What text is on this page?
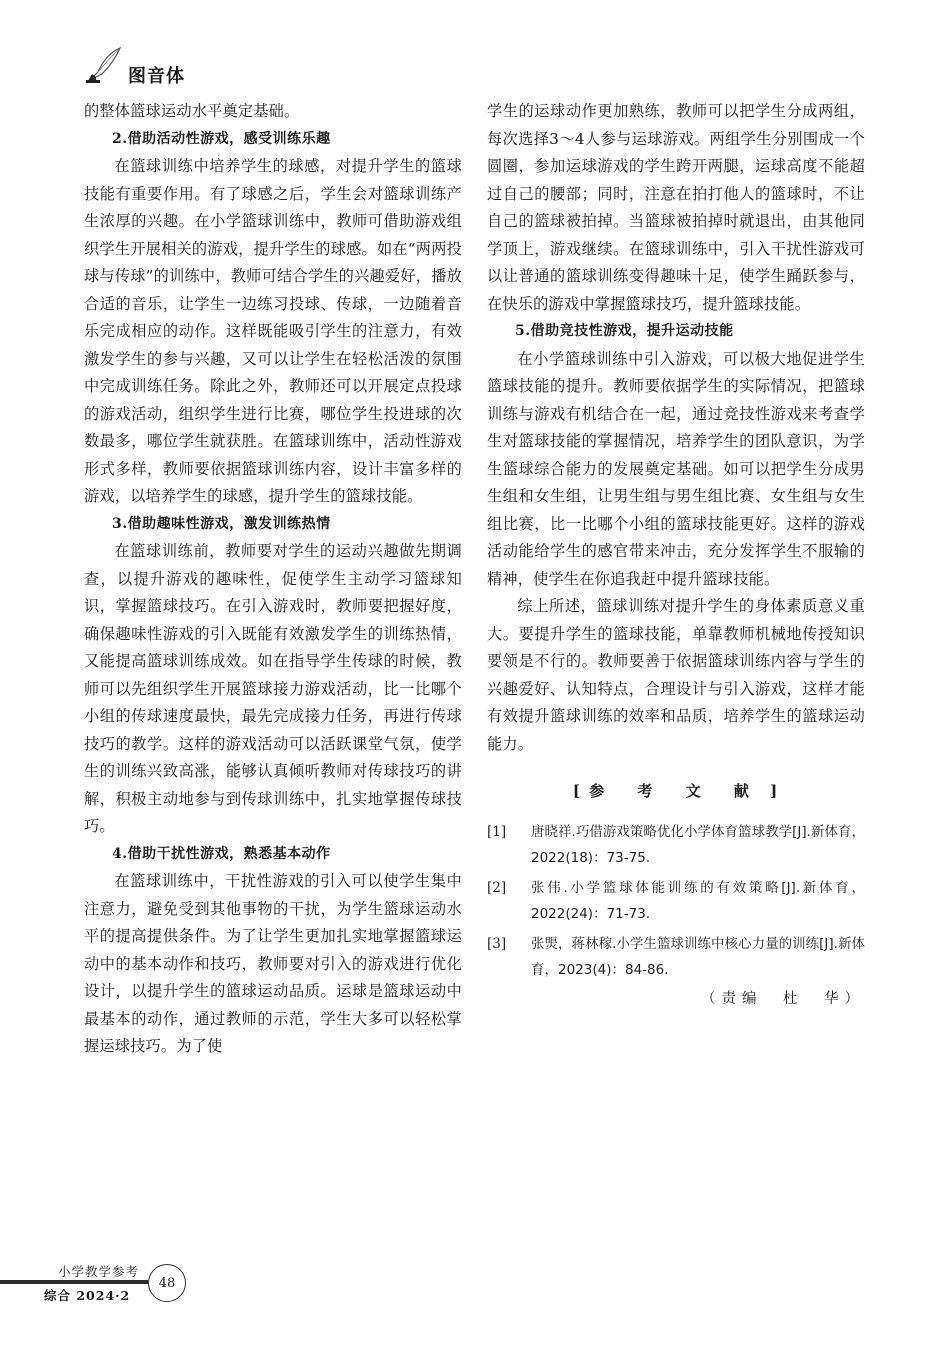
图音体

的整体篮球运动水平奠定基础。

2.借助活动性游戏，感受训练乐趣

在篮球训练中培养学生的球感，对提升学生的篮球技能有重要作用。有了球感之后，学生会对篮球训练产生浓厚的兴趣。在小学篮球训练中，教师可借助游戏组织学生开展相关的游戏，提升学生的球感。如在“两两投球与传球”的训练中，教师可结合学生的兴趣爱好，播放合适的音乐，让学生一边练习投球、传球，一边随着音乐完成相应的动作。这样既能吸引学生的注意力，有效激发学生的参与兴趣，又可以让学生在轻松活泼的氛围中完成训练任务。除此之外，教师还可以开展定点投球的游戏活动，组织学生进行比赛，哪位学生投进球的次数最多，哪位学生就获胜。在篮球训练中，活动性游戏形式多样，教师要依据篮球训练内容，设计丰富多样的游戏，以培养学生的球感，提升学生的篮球技能。

3.借助趣味性游戏，激发训练热情

在篮球训练前，教师要对学生的运动兴趣做先期调查，以提升游戏的趣味性，促使学生主动学习篮球知识，掌握篮球技巧。在引入游戏时，教师要把握好度，确保趣味性游戏的引入既能有效激发学生的训练热情，又能提高篮球训练成效。如在指导学生传球的时候，教师可以先组织学生开展篮球接力游戏活动，比一比哪个小组的传球速度最快，最先完成接力任务，再进行传球技巧的教学。这样的游戏活动可以活跃课堂气氛，使学生的训练兴致高涨，能够认真倾听教师对传球技巧的讲解，积极主动地参与到传球训练中，扎实地掌握传球技巧。

4.借助干扰性游戏，熟悉基本动作

在篮球训练中，干扰性游戏的引入可以使学生集中注意力，避免受到其他事物的干扰，为学生篮球运动水平的提高提供条件。为了让学生更加扎实地掌握篮球运动中的基本动作和技巧，教师要对引入的游戏进行优化设计，以提升学生的篮球运动品质。运球是篮球运动中最基本的动作，通过教师的示范，学生大多可以轻松掌握运球技巧。为了使

学生的运球动作更加熟练，教师可以把学生分成两组，每次选择3～4人参与运球游戏。两组学生分别围成一个圆圈，参加运球游戏的学生跨开两腿，运球高度不能超过自己的腰部；同时，注意在拍打他人的篮球时，不让自己的篮球被拍掉。当篮球被拍掉时就退出，由其他同学顶上，游戏继续。在篮球训练中，引入干扰性游戏可以让普通的篮球训练变得趣味十足，使学生踊跃参与，在快乐的游戏中掌握篮球技巧，提升篮球技能。

5.借助竞技性游戏，提升运动技能

在小学篮球训练中引入游戏，可以极大地促进学生篮球技能的提升。教师要依据学生的实际情况，把篮球训练与游戏有机结合在一起，通过竞技性游戏来考查学生对篮球技能的掌握情况，培养学生的团队意识，为学生篮球综合能力的发展奠定基础。如可以把学生分成男生组和女生组，让男生组与男生组比赛、女生组与女生组比赛，比一比哪个小组的篮球技能更好。这样的游戏活动能给学生的感官带来冲击，充分发挥学生不服输的精神，使学生在你追我赶中提升篮球技能。

综上所述，篮球训练对提升学生的身体素质意义重大。要提升学生的篮球技能，单靠教师机械地传授知识要领是不行的。教师要善于依据篮球训练内容与学生的兴趣爱好、认知特点，合理设计与引入游戏，这样才能有效提升篮球训练的效率和品质，培养学生的篮球运动能力。

[ 参 考 文 献 ]
[1]	唐晓祥.巧借游戏策略优化小学体育篮球教学[J].新体育，2022(18)：73-75.
[2]	张伟.小学篮球体能训练的有效策略[J].新体育，2022(24)：71-73.
[3]	张煚，蒋林稼.小学生篮球训练中核心力量的训练[J].新体育，2023(4)：84-86.
（责编　杜　华）
小学教学参考
综合 2024·2
48
